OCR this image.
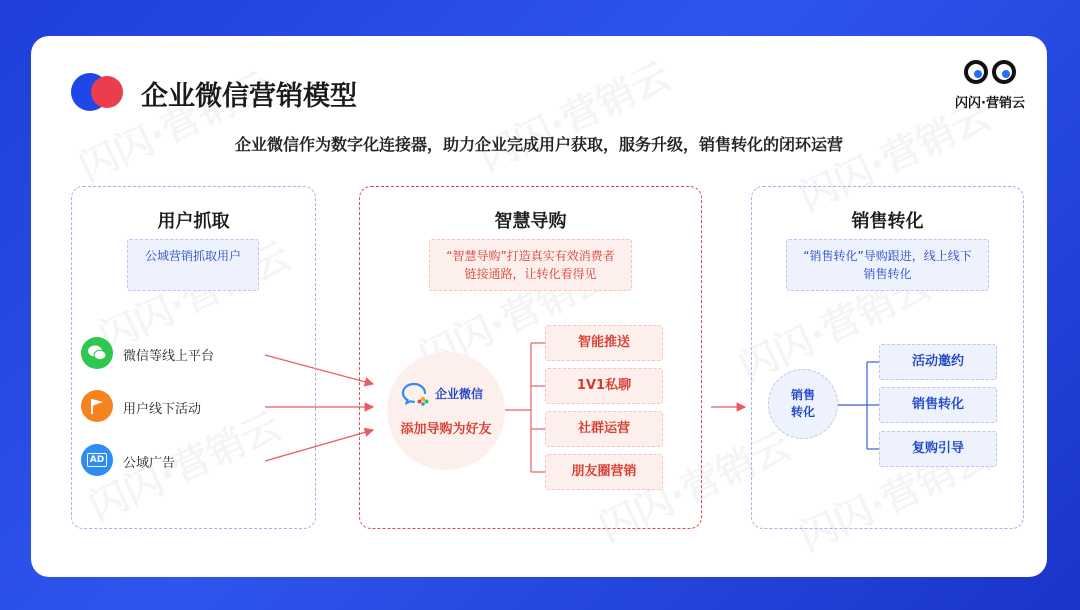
企业微信营销模型	闪闪·营销云
企业微信作为数字化连接器，助力企业完成用户获取，服务升级，销售转化的闭环运营
用户抓取
公域营销抓取用户
微信等线上平台
用户线下活动
AD 公域广告
智慧导购
“智慧导购”打造真实有效消费者
链接通路，让转化看得见
企业微信
添加导购为好友
智能推送
1V1私聊
社群运营
朋友圈营销
销售转化
“销售转化”导购跟进，线上线下
销售转化
销售
转化
活动邀约
销售转化
复购引导
